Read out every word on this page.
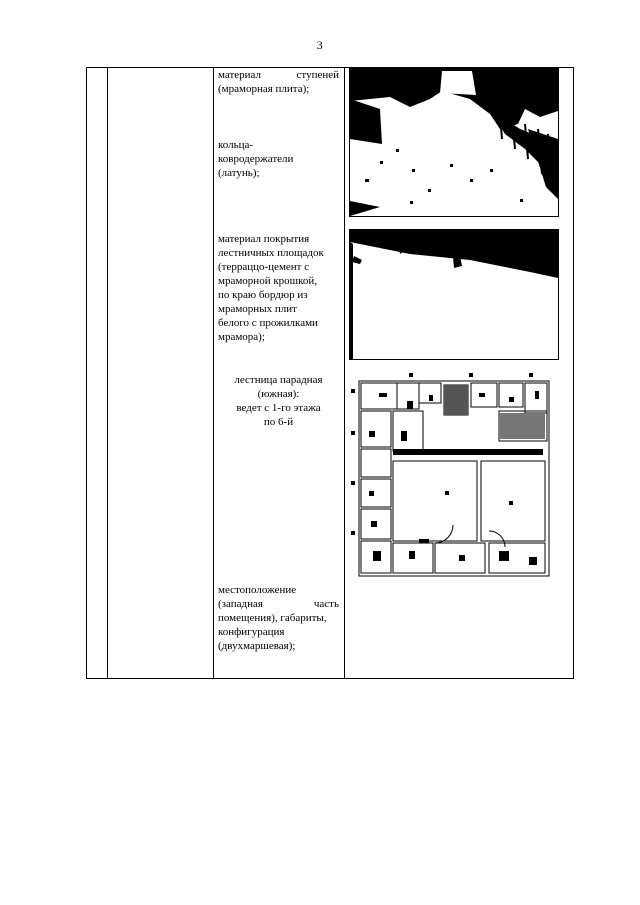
3
материал ступеней
(мраморная плита);
кольца-
ковродержатели
(латунь);
материал покрытия
лестничных площадок
(терраццо-цемент с
мраморной крошкой,
по краю бордюр из
мраморных плит
белого с прожилками
мрамора);
лестница парадная
(южная):
ведет с 1-го этажа
по 6-й
местоположение
(западная часть
помещения), габариты,
конфигурация
(двухмаршевая);
